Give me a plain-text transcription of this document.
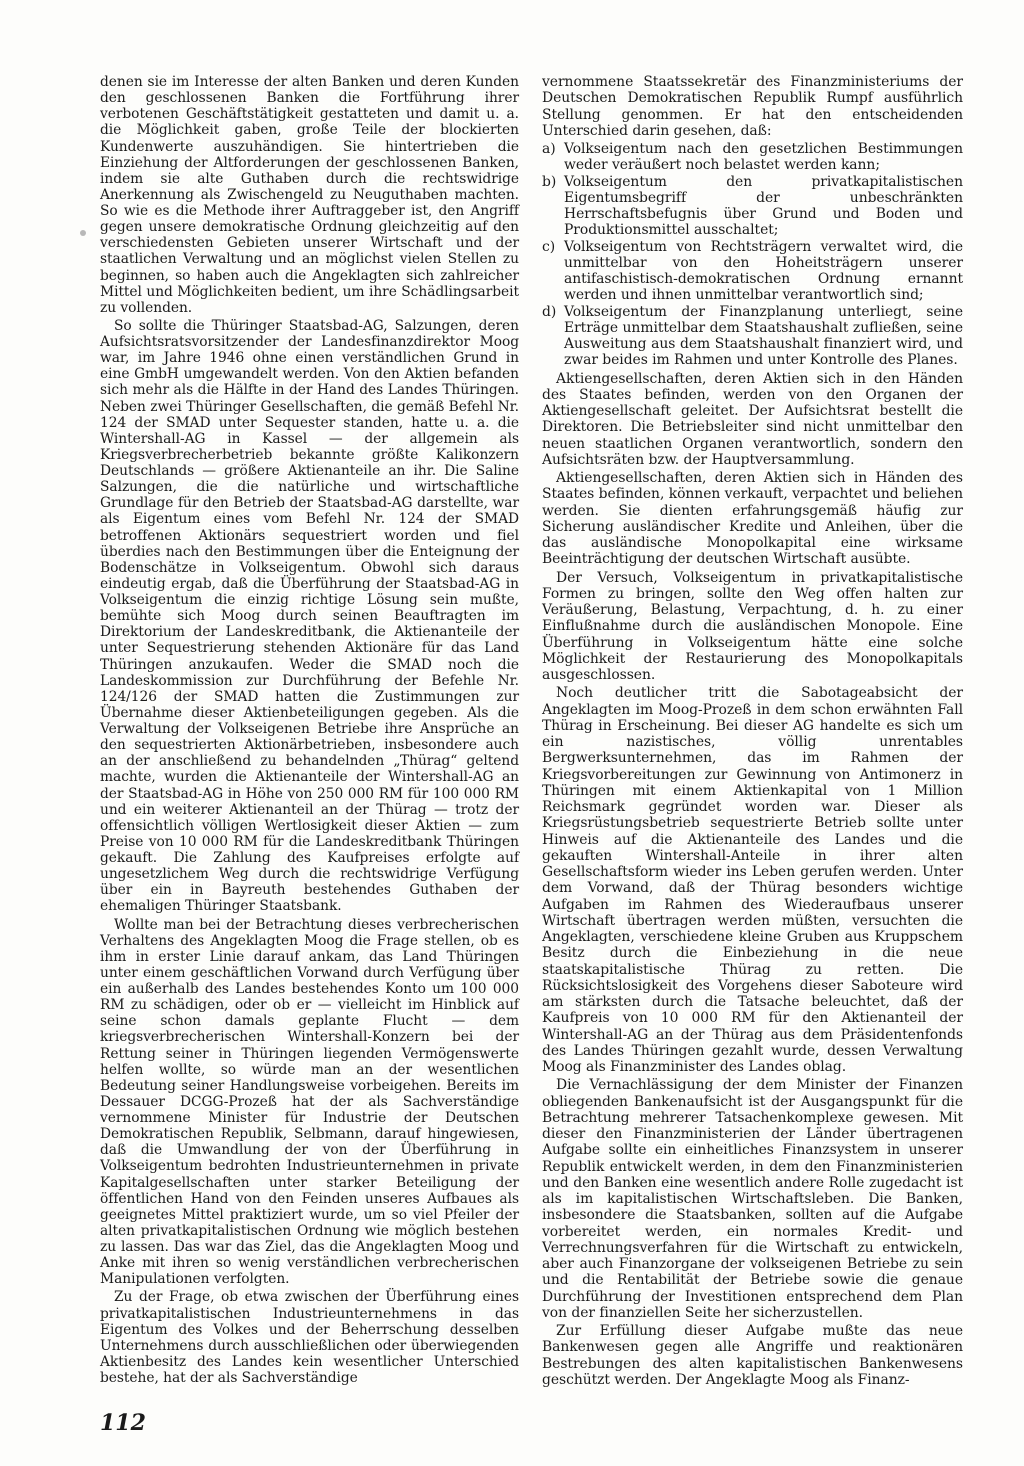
denen sie im Interesse der alten Banken und deren Kunden den geschlossenen Banken die Fortführung ihrer verbotenen Geschäftstätigkeit gestatteten und damit u. a. die Möglichkeit gaben, große Teile der blockierten Kundenwerte auszuhändigen. Sie hintertrieben die Einziehung der Altforderungen der geschlossenen Banken, indem sie alte Guthaben durch die rechtswidrige Anerkennung als Zwischengeld zu Neuguthaben machten. So wie es die Methode ihrer Auftraggeber ist, den Angriff gegen unsere demokratische Ordnung gleichzeitig auf den verschiedensten Gebieten unserer Wirtschaft und der staatlichen Verwaltung und an möglichst vielen Stellen zu beginnen, so haben auch die Angeklagten sich zahlreicher Mittel und Möglichkeiten bedient, um ihre Schädlingsarbeit zu vollenden.

So sollte die Thüringer Staatsbad-AG, Salzungen, deren Aufsichtsratsvorsitzender der Landesfinanzdirektor Moog war, im Jahre 1946 ohne einen verständlichen Grund in eine GmbH umgewandelt werden. Von den Aktien befanden sich mehr als die Hälfte in der Hand des Landes Thüringen. Neben zwei Thüringer Gesellschaften, die gemäß Befehl Nr. 124 der SMAD unter Sequester standen, hatte u. a. die Wintershall-AG in Kassel — der allgemein als Kriegsverbrecherbetrieb bekannte größte Kalikonzern Deutschlands — größere Aktienanteile an ihr. Die Saline Salzungen, die die natürliche und wirtschaftliche Grundlage für den Betrieb der Staatsbad-AG darstellte, war als Eigentum eines vom Befehl Nr. 124 der SMAD betroffenen Aktionärs sequestriert worden und fiel überdies nach den Bestimmungen über die Enteignung der Bodenschätze in Volkseigentum. Obwohl sich daraus eindeutig ergab, daß die Überführung der Staatsbad-AG in Volkseigentum die einzig richtige Lösung sein mußte, bemühte sich Moog durch seinen Beauftragten im Direktorium der Landeskreditbank, die Aktienanteile der unter Sequestrierung stehenden Aktionäre für das Land Thüringen anzukaufen. Weder die SMAD noch die Landeskommission zur Durchführung der Befehle Nr. 124/126 der SMAD hatten die Zustimmungen zur Übernahme dieser Aktienbeteiligungen gegeben. Als die Verwaltung der Volkseigenen Betriebe ihre Ansprüche an den sequestrierten Aktionärbetrieben, insbesondere auch an der anschließend zu behandelnden „Thürag“ geltend machte, wurden die Aktienanteile der Wintershall-AG an der Staatsbad-AG in Höhe von 250 000 RM für 100 000 RM und ein weiterer Aktienanteil an der Thürag — trotz der offensichtlich völligen Wertlosigkeit dieser Aktien — zum Preise von 10 000 RM für die Landeskreditbank Thüringen gekauft. Die Zahlung des Kaufpreises erfolgte auf ungesetzlichem Weg durch die rechtswidrige Verfügung über ein in Bayreuth bestehendes Guthaben der ehemaligen Thüringer Staatsbank.

Wollte man bei der Betrachtung dieses verbrecherischen Verhaltens des Angeklagten Moog die Frage stellen, ob es ihm in erster Linie darauf ankam, das Land Thüringen unter einem geschäftlichen Vorwand durch Verfügung über ein außerhalb des Landes bestehendes Konto um 100 000 RM zu schädigen, oder ob er — vielleicht im Hinblick auf seine schon damals geplante Flucht — dem kriegsverbrecherischen Wintershall-Konzern bei der Rettung seiner in Thüringen liegenden Vermögenswerte helfen wollte, so würde man an der wesentlichen Bedeutung seiner Handlungsweise vorbeigehen. Bereits im Dessauer DCGG-Prozeß hat der als Sachverständige vernommene Minister für Industrie der Deutschen Demokratischen Republik, Selbmann, darauf hingewiesen, daß die Umwandlung der von der Überführung in Volkseigentum bedrohten Industrieunternehmen in private Kapitalgesellschaften unter starker Beteiligung der öffentlichen Hand von den Feinden unseres Aufbaues als geeignetes Mittel praktiziert wurde, um so viel Pfeiler der alten privatkapitalistischen Ordnung wie möglich bestehen zu lassen. Das war das Ziel, das die Angeklagten Moog und Anke mit ihren so wenig verständlichen verbrecherischen Manipulationen verfolgten.

Zu der Frage, ob etwa zwischen der Überführung eines privatkapitalistischen Industrieunternehmens in das Eigentum des Volkes und der Beherrschung desselben Unternehmens durch ausschließlichen oder überwiegenden Aktienbesitz des Landes kein wesentlicher Unterschied bestehe, hat der als Sachverständige

vernommene Staatssekretär des Finanzministeriums der Deutschen Demokratischen Republik Rumpf ausführlich Stellung genommen. Er hat den entscheidenden Unterschied darin gesehen, daß:

a) Volkseigentum nach den gesetzlichen Bestimmungen weder veräußert noch belastet werden kann;
b) Volkseigentum den privatkapitalistischen Eigentumsbegriff der unbeschränkten Herrschaftsbefugnis über Grund und Boden und Produktionsmittel ausschaltet;
c) Volkseigentum von Rechtsträgern verwaltet wird, die unmittelbar von den Hoheitsträgern unserer antifaschistisch-demokratischen Ordnung ernannt werden und ihnen unmittelbar verantwortlich sind;
d) Volkseigentum der Finanzplanung unterliegt, seine Erträge unmittelbar dem Staatshaushalt zufließen, seine Ausweitung aus dem Staatshaushalt finanziert wird, und zwar beides im Rahmen und unter Kontrolle des Planes.

Aktiengesellschaften, deren Aktien sich in den Händen des Staates befinden, werden von den Organen der Aktiengesellschaft geleitet. Der Aufsichtsrat bestellt die Direktoren. Die Betriebsleiter sind nicht unmittelbar den neuen staatlichen Organen verantwortlich, sondern den Aufsichtsräten bzw. der Hauptversammlung.

Aktiengesellschaften, deren Aktien sich in Händen des Staates befinden, können verkauft, verpachtet und beliehen werden. Sie dienten erfahrungsgemäß häufig zur Sicherung ausländischer Kredite und Anleihen, über die das ausländische Monopolkapital eine wirksame Beeinträchtigung der deutschen Wirtschaft ausübte.

Der Versuch, Volkseigentum in privatkapitalistische Formen zu bringen, sollte den Weg offen halten zur Veräußerung, Belastung, Verpachtung, d. h. zu einer Einflußnahme durch die ausländischen Monopole. Eine Überführung in Volkseigentum hätte eine solche Möglichkeit der Restaurierung des Monopolkapitals ausgeschlossen.

Noch deutlicher tritt die Sabotageabsicht der Angeklagten im Moog-Prozeß in dem schon erwähnten Fall Thürag in Erscheinung. Bei dieser AG handelte es sich um ein nazistisches, völlig unrentables Bergwerksunternehmen, das im Rahmen der Kriegsvorbereitungen zur Gewinnung von Antimonerz in Thüringen mit einem Aktienkapital von 1 Million Reichsmark gegründet worden war. Dieser als Kriegsrüstungsbetrieb sequestrierte Betrieb sollte unter Hinweis auf die Aktienanteile des Landes und die gekauften Wintershall-Anteile in ihrer alten Gesellschaftsform wieder ins Leben gerufen werden. Unter dem Vorwand, daß der Thürag besonders wichtige Aufgaben im Rahmen des Wiederaufbaus unserer Wirtschaft übertragen werden müßten, versuchten die Angeklagten, verschiedene kleine Gruben aus Kruppschem Besitz durch die Einbeziehung in die neue staatskapitalistische Thürag zu retten. Die Rücksichtslosigkeit des Vorgehens dieser Saboteure wird am stärksten durch die Tatsache beleuchtet, daß der Kaufpreis von 10 000 RM für den Aktienanteil der Wintershall-AG an der Thürag aus dem Präsidentenfonds des Landes Thüringen gezahlt wurde, dessen Verwaltung Moog als Finanzminister des Landes oblag.

Die Vernachlässigung der dem Minister der Finanzen obliegenden Bankenaufsicht ist der Ausgangspunkt für die Betrachtung mehrerer Tatsachenkomplexe gewesen. Mit dieser den Finanzministerien der Länder übertragenen Aufgabe sollte ein einheitliches Finanzsystem in unserer Republik entwickelt werden, in dem den Finanzministerien und den Banken eine wesentlich andere Rolle zugedacht ist als im kapitalistischen Wirtschaftsleben. Die Banken, insbesondere die Staatsbanken, sollten auf die Aufgabe vorbereitet werden, ein normales Kredit- und Verrechnungsverfahren für die Wirtschaft zu entwickeln, aber auch Finanzorgane der volkseigenen Betriebe zu sein und die Rentabilität der Betriebe sowie die genaue Durchführung der Investitionen entsprechend dem Plan von der finanziellen Seite her sicherzustellen.

Zur Erfüllung dieser Aufgabe mußte das neue Bankenwesen gegen alle Angriffe und reaktionären Bestrebungen des alten kapitalistischen Bankenwesens geschützt werden. Der Angeklagte Moog als Finanz-

112
